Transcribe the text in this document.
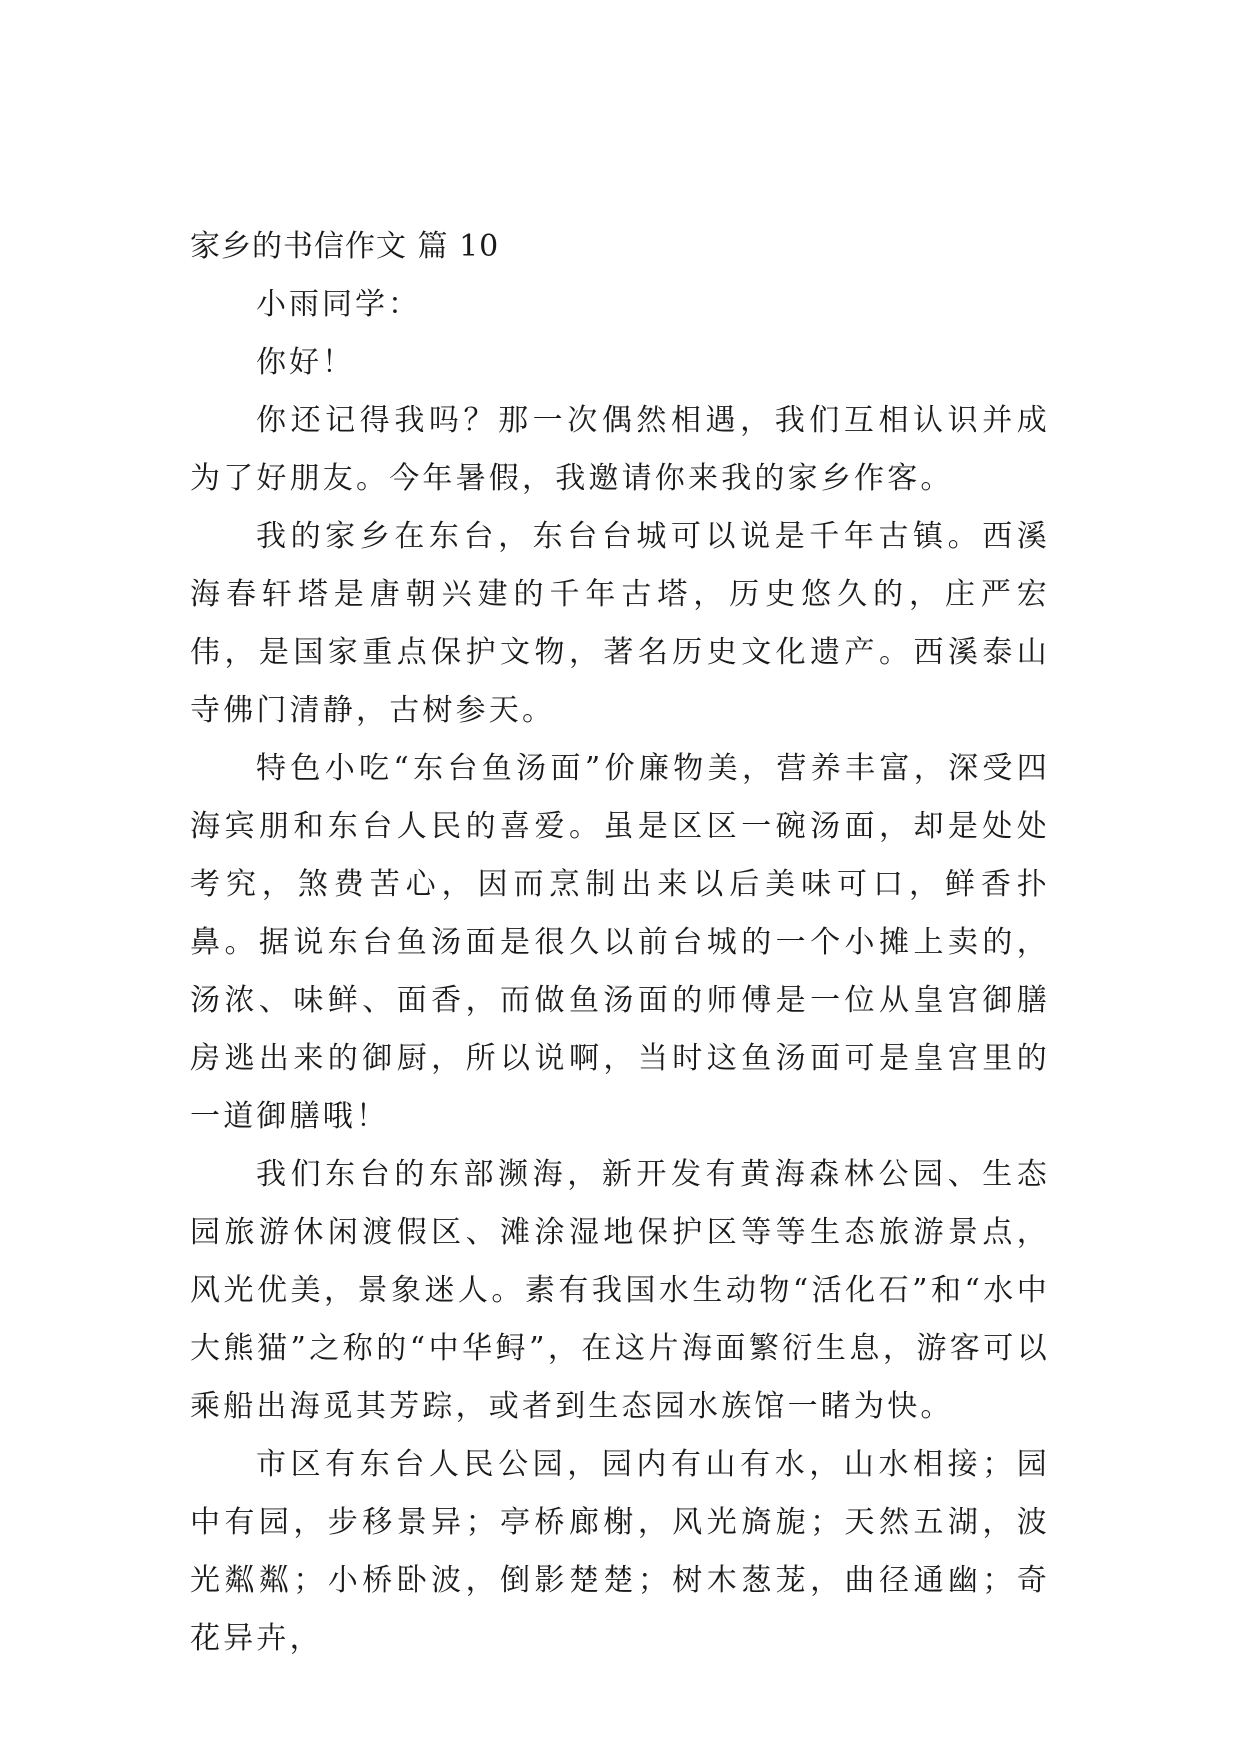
家乡的书信作文 篇 10
小雨同学：
你好！

你还记得我吗？那一次偶然相遇，我们互相认识并成为了好朋友。今年暑假，我邀请你来我的家乡作客。

我的家乡在东台，东台台城可以说是千年古镇。西溪海春轩塔是唐朝兴建的千年古塔，历史悠久的，庄严宏伟，是国家重点保护文物，著名历史文化遗产。西溪泰山寺佛门清静，古树参天。

特色小吃“东台鱼汤面”价廉物美，营养丰富，深受四海宾朋和东台人民的喜爱。虽是区区一碗汤面，却是处处考究，煞费苦心，因而烹制出来以后美味可口，鲜香扑鼻。据说东台鱼汤面是很久以前台城的一个小摊上卖的，汤浓、味鲜、面香，而做鱼汤面的师傅是一位从皇宫御膳房逃出来的御厨，所以说啊，当时这鱼汤面可是皇宫里的一道御膳哦！

我们东台的东部濒海，新开发有黄海森林公园、生态园旅游休闲渡假区、滩涂湿地保护区等等生态旅游景点，风光优美，景象迷人。素有我国水生动物“活化石”和“水中大熊猫”之称的“中华鲟”，在这片海面繁衍生息，游客可以乘船出海觅其芳踪，或者到生态园水族馆一睹为快。

市区有东台人民公园，园内有山有水，山水相接；园中有园，步移景异；亭桥廊榭，风光旖旎；天然五湖，波光粼粼；小桥卧波，倒影楚楚；树木葱茏，曲径通幽；奇花异卉，
